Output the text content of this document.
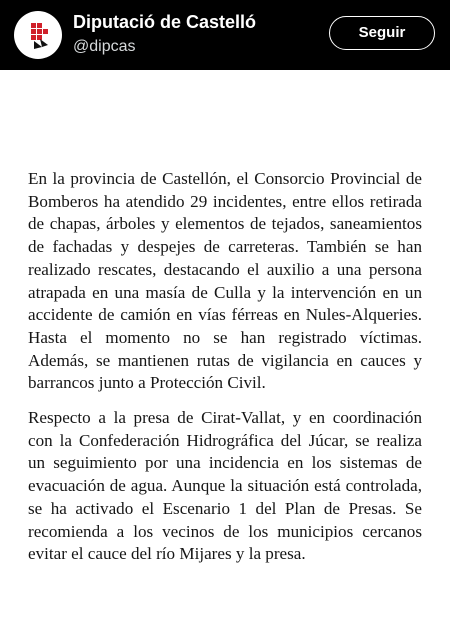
Diputació de Castelló
@dipcas
Seguir

En la provincia de Castellón, el Consorcio Provincial de Bomberos ha atendido 29 incidentes, entre ellos retirada de chapas, árboles y elementos de tejados, saneamientos de fachadas y despejes de carreteras. También se han realizado rescates, destacando el auxilio a una persona atrapada en una masía de Culla y la intervención en un accidente de camión en vías férreas en Nules-Alqueries. Hasta el momento no se han registrado víctimas. Además, se mantienen rutas de vigilancia en cauces y barrancos junto a Protección Civil.

Respecto a la presa de Cirat-Vallat, y en coordinación con la Confederación Hidrográfica del Júcar, se realiza un seguimiento por una incidencia en los sistemas de evacuación de agua. Aunque la situación está controlada, se ha activado el Escenario 1 del Plan de Presas. Se recomienda a los vecinos de los municipios cercanos evitar el cauce del río Mijares y la presa.
